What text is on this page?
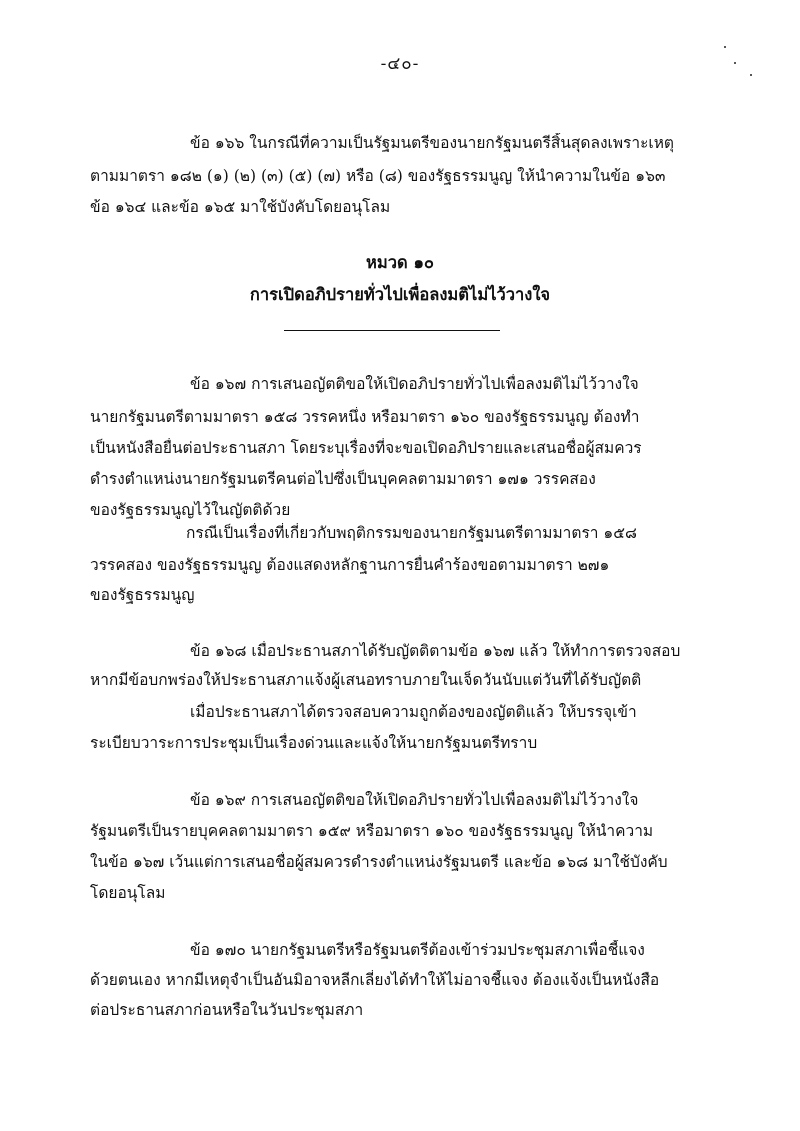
-๔๐-
ข้อ ๑๖๖ ในกรณีที่ความเป็นรัฐมนตรีของนายกรัฐมนตรีสิ้นสุดลงเพราะเหตุ
ตามมาตรา ๑๘๒ (๑) (๒) (๓) (๕) (๗) หรือ (๘) ของรัฐธรรมนูญ ให้นำความในข้อ ๑๖๓
ข้อ ๑๖๔ และข้อ ๑๖๕ มาใช้บังคับโดยอนุโลม
หมวด ๑๐
การเปิดอภิปรายทั่วไปเพื่อลงมติไม่ไว้วางใจ
ข้อ ๑๖๗ การเสนอญัตติขอให้เปิดอภิปรายทั่วไปเพื่อลงมติไม่ไว้วางใจ
นายกรัฐมนตรีตามมาตรา ๑๕๘ วรรคหนึ่ง หรือมาตรา ๑๖๐ ของรัฐธรรมนูญ ต้องทำ
เป็นหนังสือยื่นต่อประธานสภา โดยระบุเรื่องที่จะขอเปิดอภิปรายและเสนอชื่อผู้สมควร
ดำรงตำแหน่งนายกรัฐมนตรีคนต่อไปซึ่งเป็นบุคคลตามมาตรา ๑๗๑ วรรคสอง
ของรัฐธรรมนูญไว้ในญัตติด้วย
กรณีเป็นเรื่องที่เกี่ยวกับพฤติกรรมของนายกรัฐมนตรีตามมาตรา ๑๕๘
วรรคสอง ของรัฐธรรมนูญ ต้องแสดงหลักฐานการยื่นคำร้องขอตามมาตรา ๒๗๑
ของรัฐธรรมนูญ
ข้อ ๑๖๘ เมื่อประธานสภาได้รับญัตติตามข้อ ๑๖๗ แล้ว ให้ทำการตรวจสอบ
หากมีข้อบกพร่องให้ประธานสภาแจ้งผู้เสนอทราบภายในเจ็ดวันนับแต่วันที่ได้รับญัตติ
เมื่อประธานสภาได้ตรวจสอบความถูกต้องของญัตติแล้ว ให้บรรจุเข้า
ระเบียบวาระการประชุมเป็นเรื่องด่วนและแจ้งให้นายกรัฐมนตรีทราบ
ข้อ ๑๖๙ การเสนอญัตติขอให้เปิดอภิปรายทั่วไปเพื่อลงมติไม่ไว้วางใจ
รัฐมนตรีเป็นรายบุคคลตามมาตรา ๑๕๙ หรือมาตรา ๑๖๐ ของรัฐธรรมนูญ ให้นำความ
ในข้อ ๑๖๗ เว้นแต่การเสนอชื่อผู้สมควรดำรงตำแหน่งรัฐมนตรี และข้อ ๑๖๘ มาใช้บังคับ
โดยอนุโลม
ข้อ ๑๗๐ นายกรัฐมนตรีหรือรัฐมนตรีต้องเข้าร่วมประชุมสภาเพื่อชี้แจง
ด้วยตนเอง หากมีเหตุจำเป็นอันมิอาจหลีกเลี่ยงได้ทำให้ไม่อาจชี้แจง ต้องแจ้งเป็นหนังสือ
ต่อประธานสภาก่อนหรือในวันประชุมสภา
